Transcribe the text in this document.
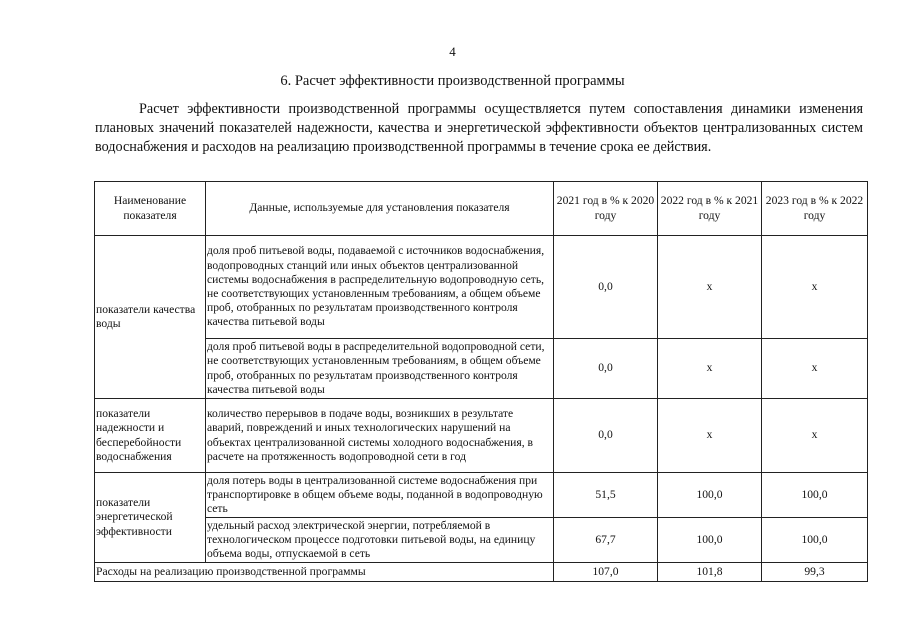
4
6. Расчет эффективности производственной программы

Расчет эффективности производственной программы осуществляется путем сопоставления динамики изменения плановых значений показателей надежности, качества и энергетической эффективности объектов централизованных систем водоснабжения и расходов на реализацию производственной программы в течение срока ее действия.

Наименование показателя	Данные, используемые для установления показателя	2021 год в % к 2020 году	2022 год в % к 2021 году	2023 год в % к 2022 году
показатели качества воды	доля проб питьевой воды, подаваемой с источников водоснабжения, водопроводных станций или иных объектов централизованной системы водоснабжения в распределительную водопроводную сеть, не соответствующих установленным требованиям, а общем объеме проб, отобранных по результатам производственного контроля качества питьевой воды	0,0	x	x
	доля проб питьевой воды в распределительной водопроводной сети, не соответствующих установленным требованиям, в общем объеме проб, отобранных по результатам производственного контроля качества питьевой воды	0,0	x	x
показатели надежности и бесперебойности водоснабжения	количество перерывов в подаче воды, возникших в результате аварий, повреждений и иных технологических нарушений на объектах централизованной системы холодного водоснабжения, в расчете на протяженность водопроводной сети в год	0,0	x	x
показатели энергетической эффективности	доля потерь воды в централизованной системе водоснабжения при транспортировке в общем объеме воды, поданной в водопроводную сеть	51,5	100,0	100,0
	удельный расход электрической энергии, потребляемой в технологическом процессе подготовки питьевой воды, на единицу объема воды, отпускаемой в сеть	67,7	100,0	100,0
Расходы на реализацию производственной программы		107,0	101,8	99,3
